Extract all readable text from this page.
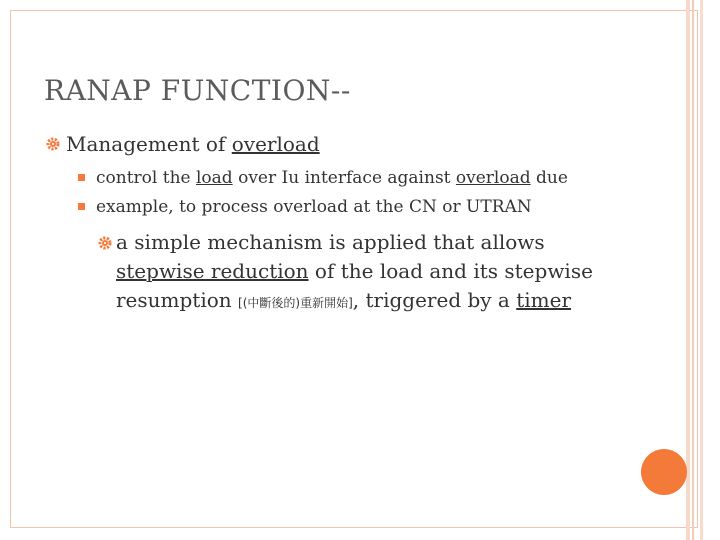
RANAP FUNCTION--
Management of overload
control the load over Iu interface against overload due
example, to process overload at the CN or UTRAN
a simple mechanism is applied that allows
stepwise reduction of the load and its stepwise
resumption [(中斷後的)重新開始], triggered by a timer
